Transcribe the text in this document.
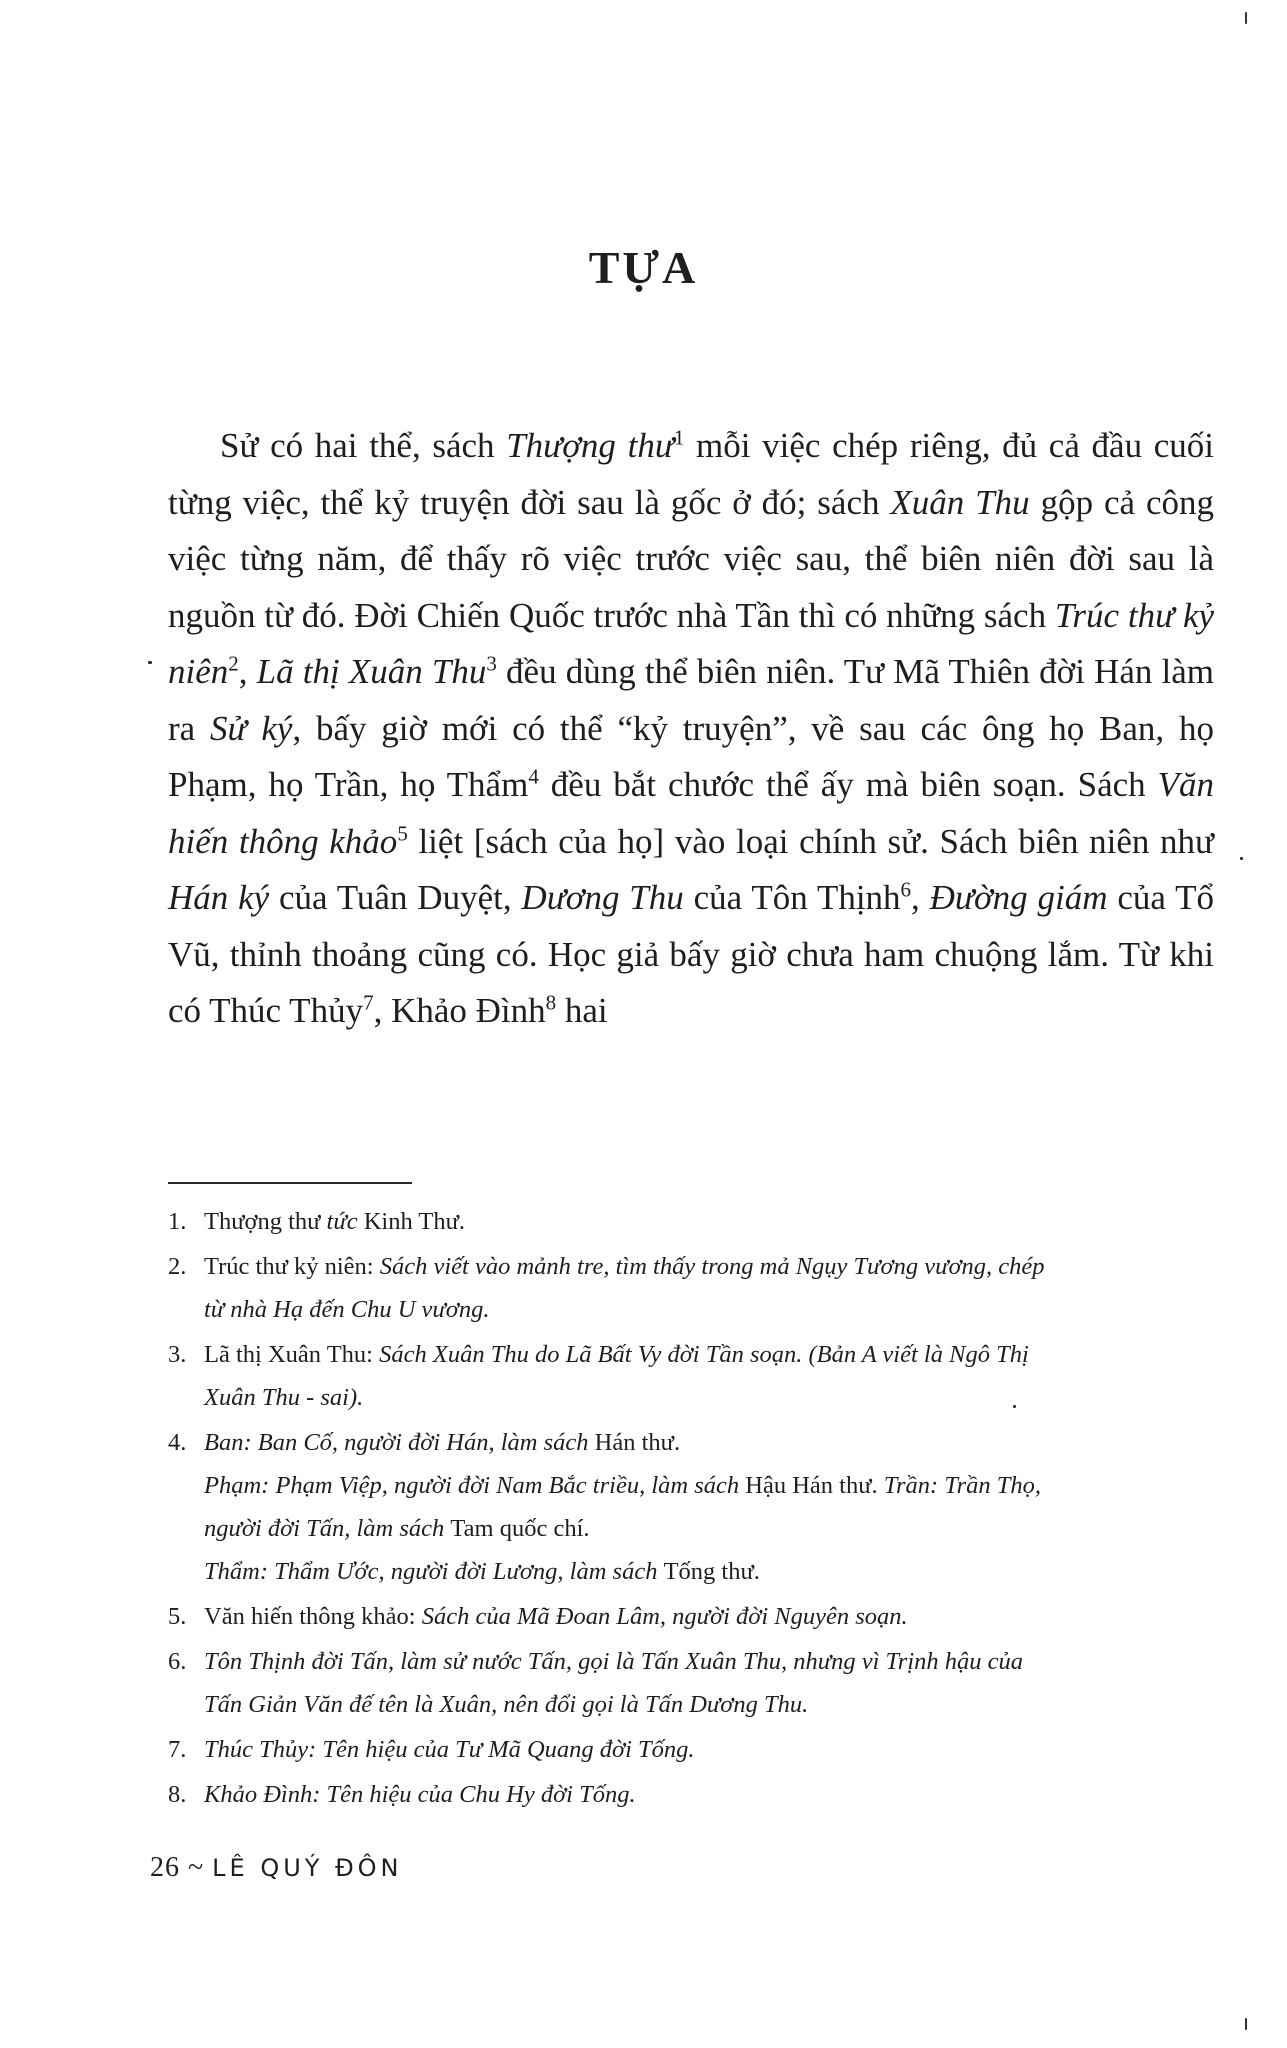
TỰA

Sử có hai thể, sách Thượng thư$^1$ mỗi việc chép riêng, đủ cả đầu cuối từng việc, thể kỷ truyện đời sau là gốc ở đó; sách Xuân Thu gộp cả công việc từng năm, để thấy rõ việc trước việc sau, thể biên niên đời sau là nguồn từ đó. Đời Chiến Quốc trước nhà Tần thì có những sách Trúc thư kỷ niên$^2$, Lã thị Xuân Thu$^3$ đều dùng thể biên niên. Tư Mã Thiên đời Hán làm ra Sử ký, bấy giờ mới có thể “kỷ truyện”, về sau các ông họ Ban, họ Phạm, họ Trần, họ Thẩm$^4$ đều bắt chước thể ấy mà biên soạn. Sách Văn hiến thông khảo$^5$ liệt [sách của họ] vào loại chính sử. Sách biên niên như Hán ký của Tuân Duyệt, Dương Thu của Tôn Thịnh$^6$, Đường giám của Tổ Vũ, thỉnh thoảng cũng có. Học giả bấy giờ chưa ham chuộng lắm. Từ khi có Thúc Thủy$^7$, Khảo Đình$^8$ hai

1. Thượng thư tức Kinh Thư.
2. Trúc thư kỷ niên: Sách viết vào mảnh tre, tìm thấy trong mả Ngụy Tương vương, chép
từ nhà Hạ đến Chu U vương.
3. Lã thị Xuân Thu: Sách Xuân Thu do Lã Bất Vy đời Tần soạn. (Bản A viết là Ngô Thị
Xuân Thu - sai).
4. Ban: Ban Cố, người đời Hán, làm sách Hán thư.
Phạm: Phạm Việp, người đời Nam Bắc triều, làm sách Hậu Hán thư. Trần: Trần Thọ,
người đời Tấn, làm sách Tam quốc chí.
Thẩm: Thẩm Ước, người đời Lương, làm sách Tống thư.
5. Văn hiến thông khảo: Sách của Mã Đoan Lâm, người đời Nguyên soạn.
6. Tôn Thịnh đời Tấn, làm sử nước Tấn, gọi là Tấn Xuân Thu, nhưng vì Trịnh hậu của
Tấn Giản Văn đế tên là Xuân, nên đổi gọi là Tấn Dương Thu.
7. Thúc Thủy: Tên hiệu của Tư Mã Quang đời Tống.
8. Khảo Đình: Tên hiệu của Chu Hy đời Tống.
26 ~ LÊ QUÝ ĐÔN
